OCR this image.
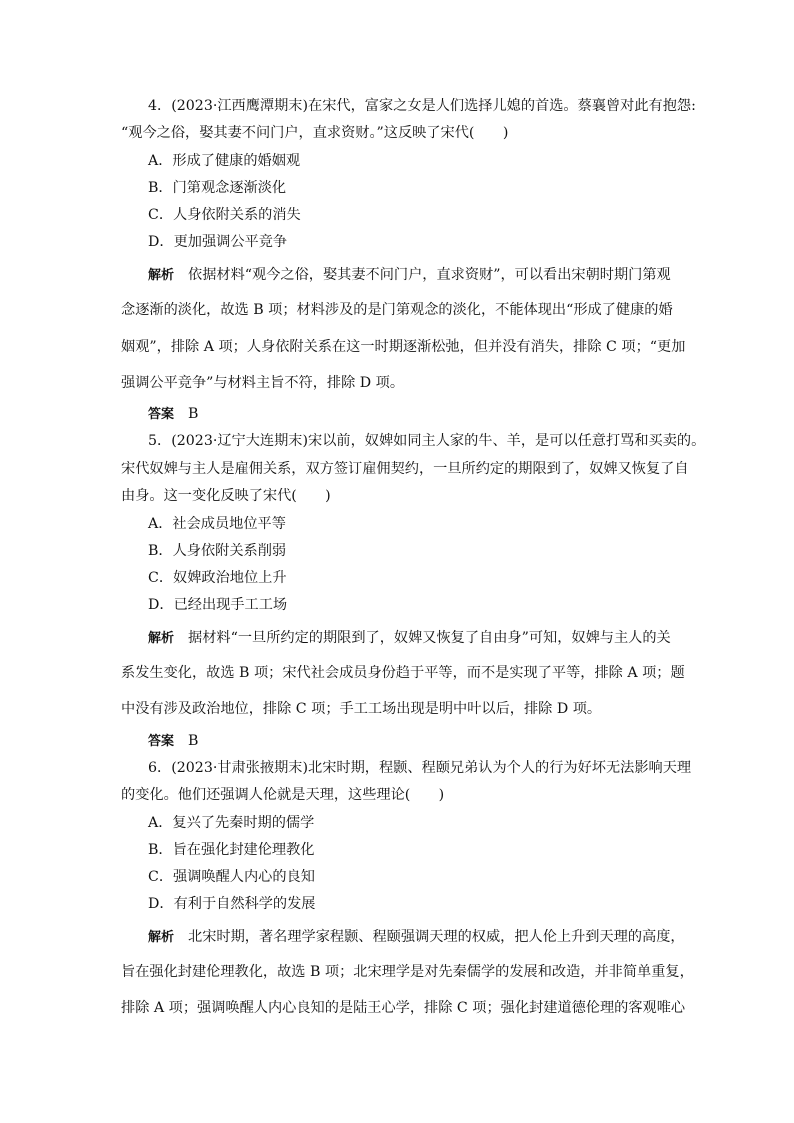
4．(2023·江西鹰潭期末)在宋代，富家之女是人们选择儿媳的首选。蔡襄曾对此有抱怨:
“观今之俗，娶其妻不问门户，直求资财。”这反映了宋代(　　)
A．形成了健康的婚姻观
B．门第观念逐渐淡化
C．人身依附关系的消失
D．更加强调公平竞争
解析 依据材料“观今之俗，娶其妻不问门户，直求资财”，可以看出宋朝时期门第观
念逐渐的淡化，故选 B 项；材料涉及的是门第观念的淡化，不能体现出“形成了健康的婚
姻观”，排除 A 项；人身依附关系在这一时期逐渐松弛，但并没有消失，排除 C 项；“更加
强调公平竞争”与材料主旨不符，排除 D 项。
答案 B
5．(2023·辽宁大连期末)宋以前，奴婢如同主人家的牛、羊，是可以任意打骂和买卖的。
宋代奴婢与主人是雇佣关系，双方签订雇佣契约，一旦所约定的期限到了，奴婢又恢复了自
由身。这一变化反映了宋代(　　)
A．社会成员地位平等
B．人身依附关系削弱
C．奴婢政治地位上升
D．已经出现手工工场
解析 据材料“一旦所约定的期限到了，奴婢又恢复了自由身”可知，奴婢与主人的关
系发生变化，故选 B 项；宋代社会成员身份趋于平等，而不是实现了平等，排除 A 项；题
中没有涉及政治地位，排除 C 项；手工工场出现是明中叶以后，排除 D 项。
答案 B
6．(2023·甘肃张掖期末)北宋时期，程颢、程颐兄弟认为个人的行为好坏无法影响天理
的变化。他们还强调人伦就是天理，这些理论(　　)
A．复兴了先秦时期的儒学
B．旨在强化封建伦理教化
C．强调唤醒人内心的良知
D．有利于自然科学的发展
解析 北宋时期，著名理学家程颢、程颐强调天理的权威，把人伦上升到天理的高度，
旨在强化封建伦理教化，故选 B 项；北宋理学是对先秦儒学的发展和改造，并非简单重复，
排除 A 项；强调唤醒人内心良知的是陆王心学，排除 C 项；强化封建道德伦理的客观唯心
